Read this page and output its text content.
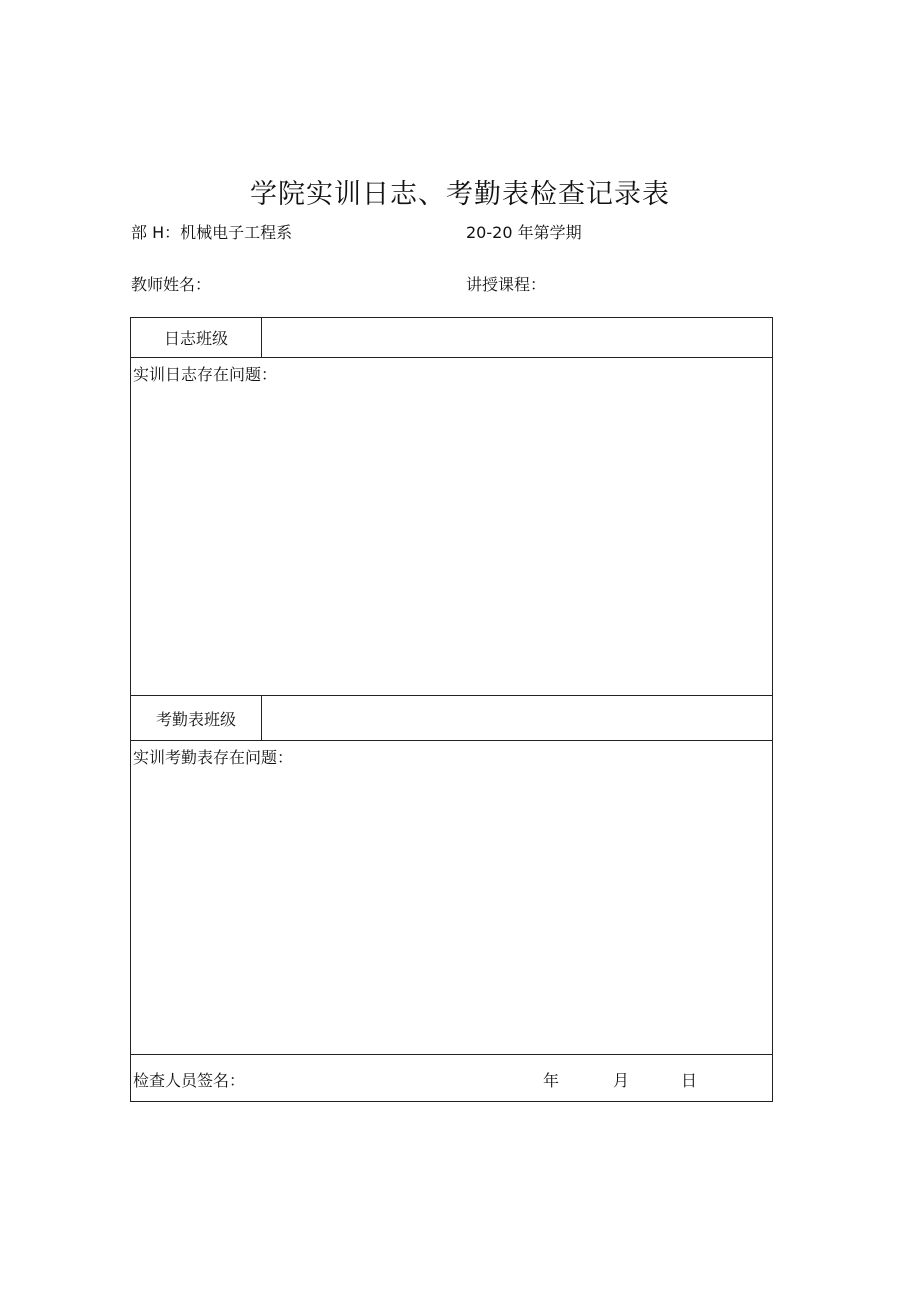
学院实训日志、考勤表检查记录表
部 H：机械电子工程系	20-20 年第学期
教师姓名：	讲授课程：
日志班级
实训日志存在问题：
考勤表班级
实训考勤表存在问题：
检查人员签名：	年	月	日
